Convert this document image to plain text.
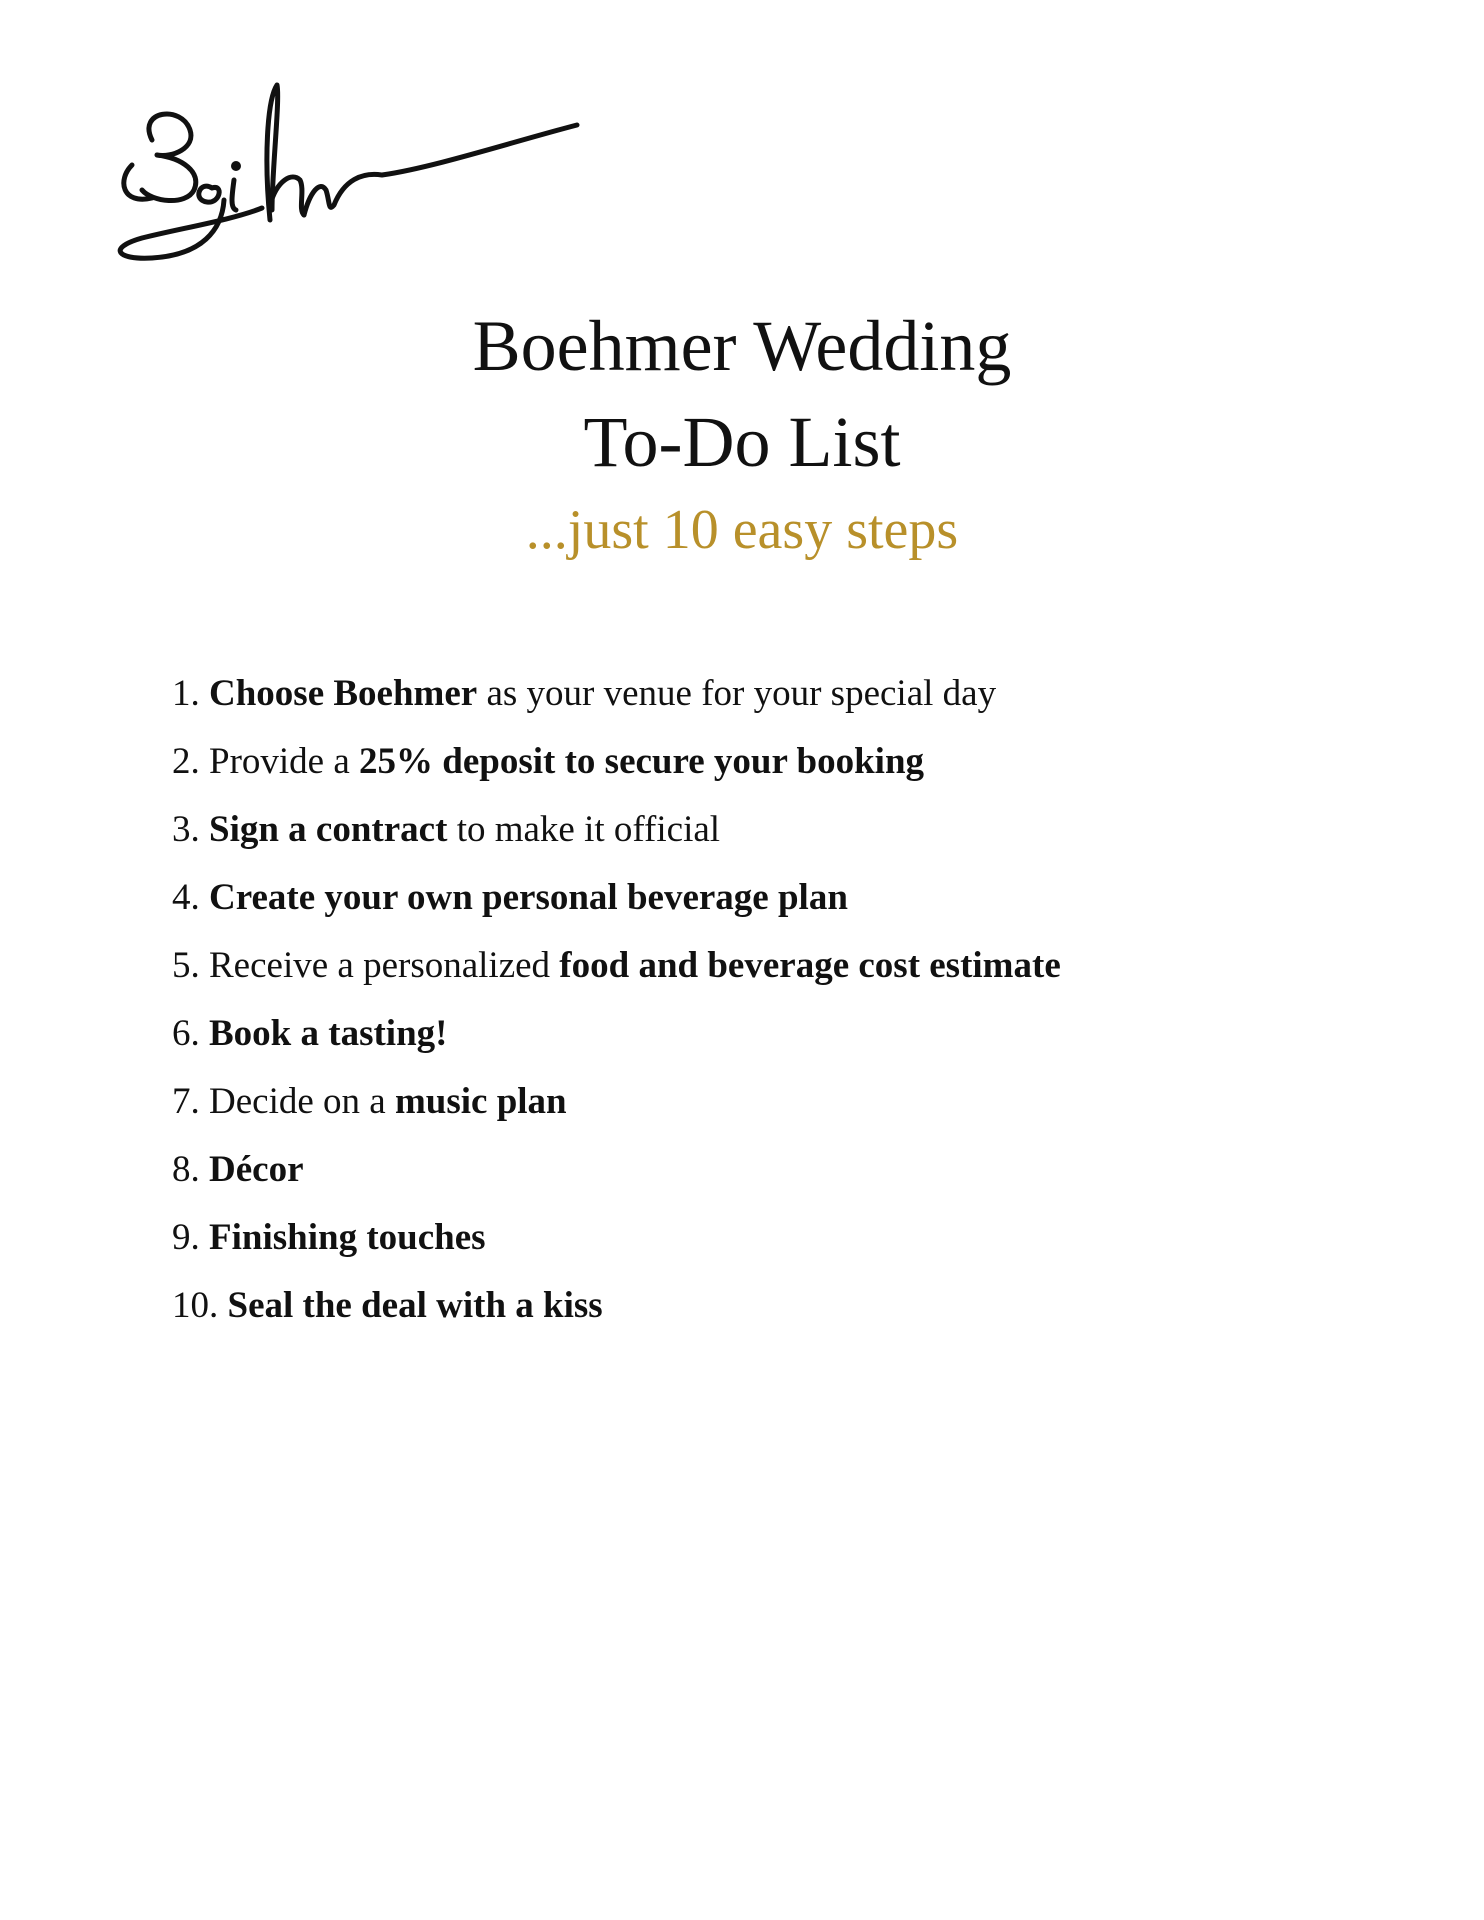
Boehmer Wedding
To-Do List
...just 10 easy steps
1. Choose Boehmer as your venue for your special day
2. Provide a 25% deposit to secure your booking
3. Sign a contract to make it official
4. Create your own personal beverage plan
5. Receive a personalized food and beverage cost estimate
6. Book a tasting!
7. Decide on a music plan
8. Décor
9. Finishing touches
10. Seal the deal with a kiss
